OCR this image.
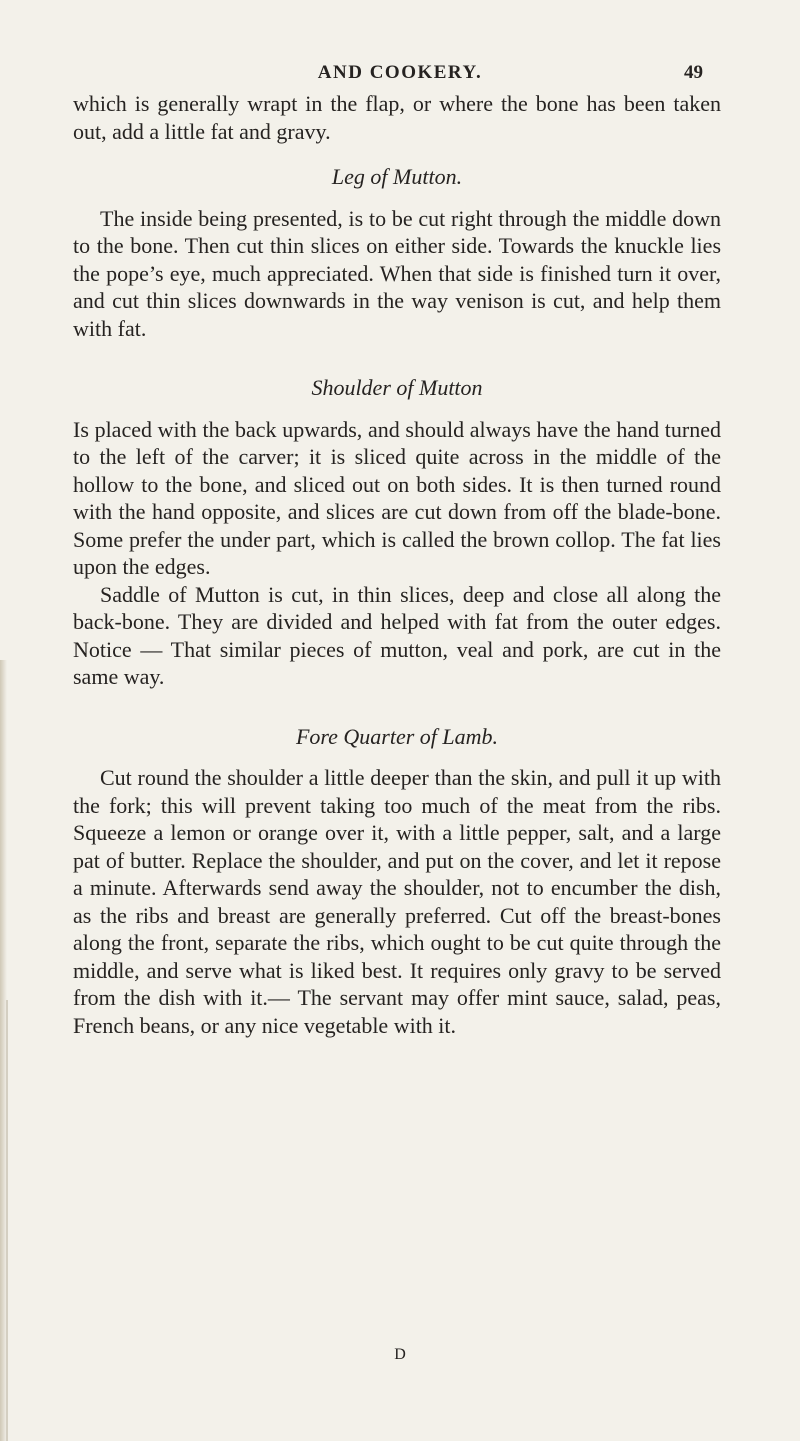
AND COOKERY.	49

which is generally wrapt in the flap, or where the bone has been taken out, add a little fat and gravy.

Leg of Mutton.

The inside being presented, is to be cut right through the middle down to the bone. Then cut thin slices on either side. Towards the knuckle lies the pope’s eye, much appreciated. When that side is finished turn it over, and cut thin slices downwards in the way venison is cut, and help them with fat.

Shoulder of Mutton

Is placed with the back upwards, and should always have the hand turned to the left of the carver; it is sliced quite across in the middle of the hollow to the bone, and sliced out on both sides. It is then turned round with the hand opposite, and slices are cut down from off the blade-bone. Some prefer the under part, which is called the brown collop. The fat lies upon the edges.

Saddle of Mutton is cut, in thin slices, deep and close all along the back-bone. They are divided and helped with fat from the outer edges. Notice — That similar pieces of mutton, veal and pork, are cut in the same way.

Fore Quarter of Lamb.

Cut round the shoulder a little deeper than the skin, and pull it up with the fork; this will prevent taking too much of the meat from the ribs. Squeeze a lemon or orange over it, with a little pepper, salt, and a large pat of butter. Replace the shoulder, and put on the cover, and let it repose a minute. Afterwards send away the shoulder, not to encumber the dish, as the ribs and breast are generally preferred. Cut off the breast-bones along the front, separate the ribs, which ought to be cut quite through the middle, and serve what is liked best. It requires only gravy to be served from the dish with it.— The servant may offer mint sauce, salad, peas, French beans, or any nice vegetable with it.

D
